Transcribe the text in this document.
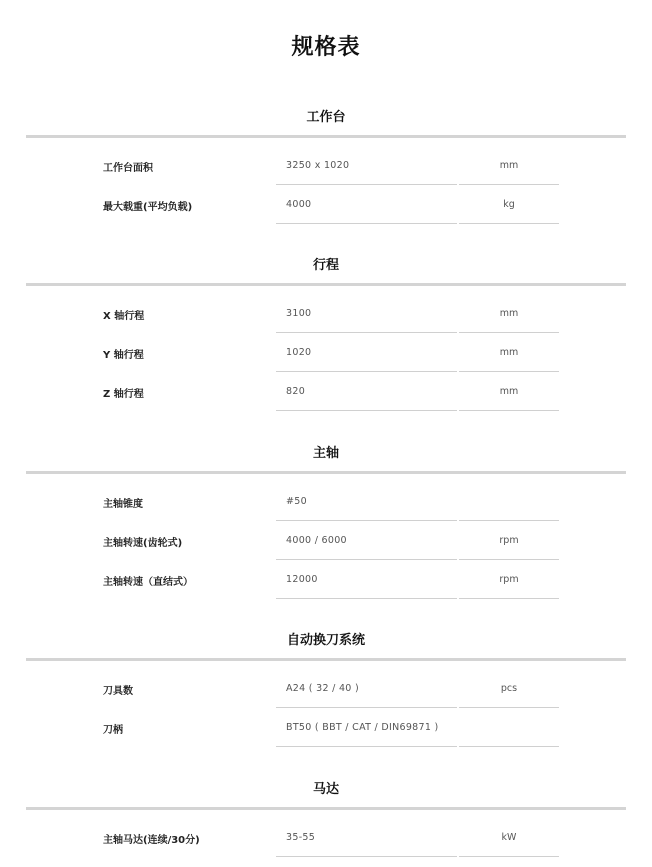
规格表
工作台
工作台面积	3250 x 1020	mm
最大载重(平均负载)	4000	kg
行程
X 轴行程	3100	mm
Y 轴行程	1020	mm
Z 轴行程	820	mm
主轴
主轴锥度	#50
主轴转速(齿轮式)	4000 / 6000	rpm
主轴转速（直结式）	12000	rpm
自动换刀系统
刀具数	A24 ( 32 / 40 )	pcs
刀柄	BT50 ( BBT / CAT / DIN69871 )
马达
主轴马达(连续/30分)	35-55	kW
